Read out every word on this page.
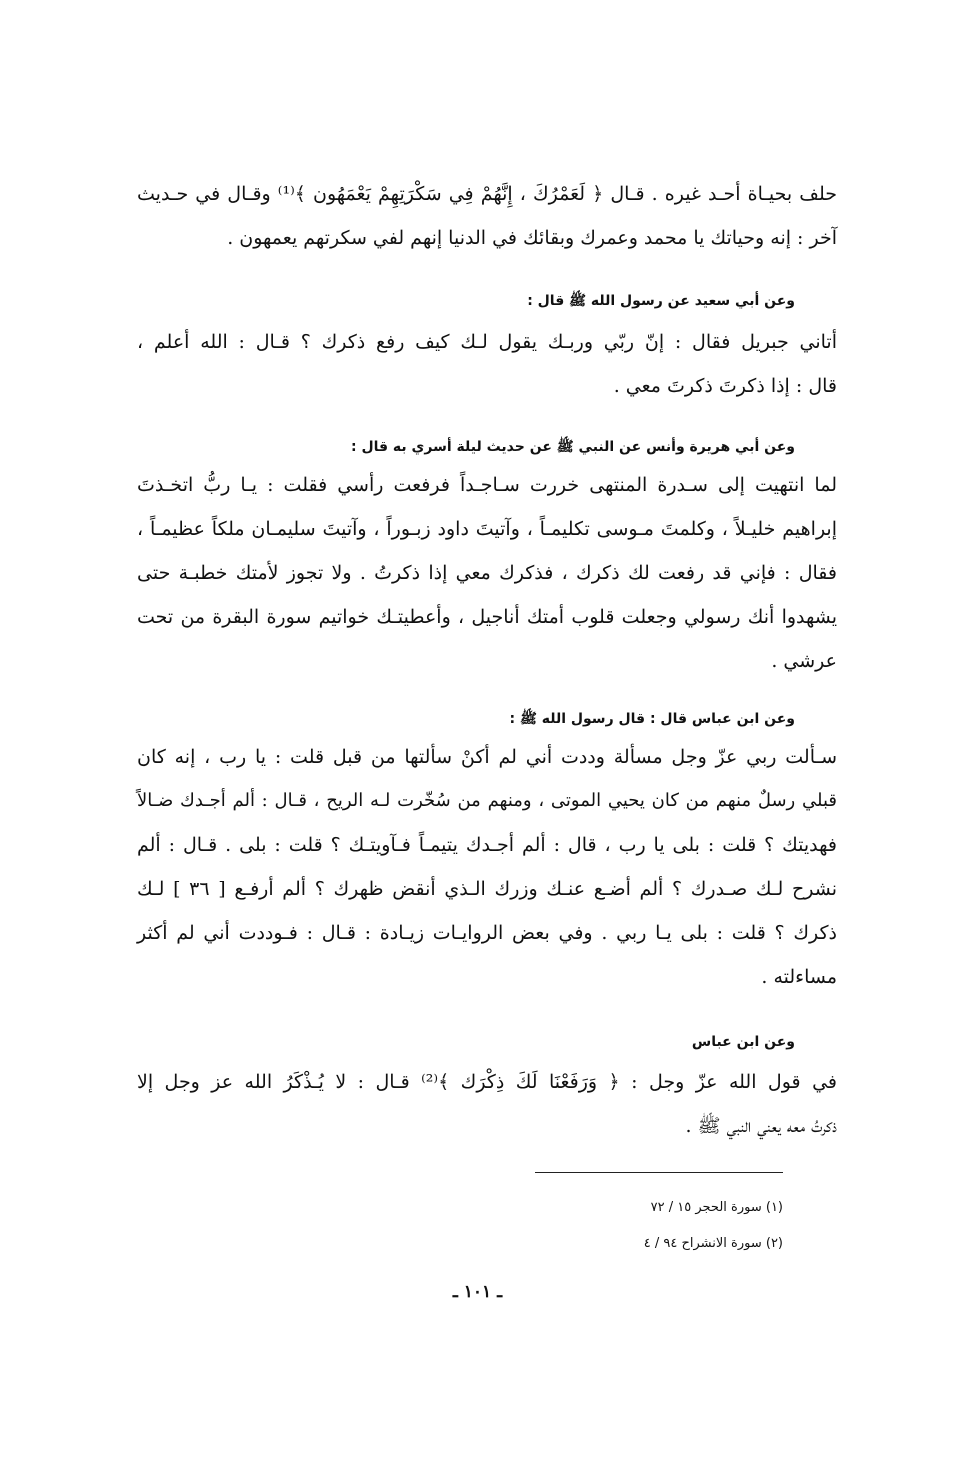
حلف بحيـاة أحـد غيره . قـال ﴿ لَعَمْرُكَ ، إِنَّهُمْ فِي سَكْرَتِهِمْ يَعْمَهُون ﴾⁽¹⁾ وقـال في حـديث
آخر : إنه وحياتك يا محمد وعمرك وبقائك في الدنيا إنهم لفي سكرتهم يعمهون .
وعن أبي سعيد عن رسول الله ﷺ قال :
أتاني جبريل فقال : إنّ ربّي وربـك يقول لـك كيف رفع ذكرك ؟ قـال : الله أعلم ،
قال : إذا ذكرتَ ذكرتَ معي .
وعن أبي هريرة وأنس عن النبي ﷺ عن حديث ليلة أسري به قال :
لما انتهيت إلى سـدرة المنتهى خررت سـاجـداً فرفعت رأسي فقلت : يـا ربُّ اتخـذتَ
إبراهيم خليـلاً ، وكلمتَ مـوسى تكليمـاً ، وآتيتَ داود زبـوراً ، وآتيتَ سليمـان ملكاً عظيمـاً ،
فقال : فإني قد رفعت لك ذكرك ، فذكرك معي إذا ذكرتُ . ولا تجوز لأمتك خطبـة حتى
يشهدوا أنك رسولي وجعلت قلوب أمتك أناجيل ، وأعطيتـك خواتيم سورة البقرة من تحت
عرشي .
وعن ابن عباس قال : قال رسول الله ﷺ :
سـألت ربي عزّ وجل مسألة وددت أني لم أكنْ سألتها من قبل قلت : يا رب ، إنه كان
قبلي رسلٌ منهم من كان يحيي الموتى ، ومنهم من سُخّرت لـه الريح ، قـال : ألم أجـدك ضـالاً
فهديتك ؟ قلت : بلى يا رب ، قال : ألم أجـدك يتيمـاً فـآويتـك ؟ قلت : بلى . قـال : ألم
نشرح لـك صـدرك ؟ ألم أضـع عنـك وزرك الـذي أنقض ظهرك ؟ ألم أرفـع [ ٣٦ ] لـك
ذكرك ؟ قلت : بلى يـا ربي . وفي بعض الروايـات زيـادة : قـال : فـوددت أني لم أكثر
مساءلته .
وعن ابن عباس
في قول الله عزّ وجل : ﴿ وَرَفَعْنَا لَكَ ذِكْرَك ﴾⁽²⁾ قـال : لا يُـذْكَرُ الله عز وجل إلا
ذكرتُ معه يعني النبي ﷺ .
(١) سورة الحجر ١٥ / ٧٢
(٢) سورة الانشراح ٩٤ / ٤
ـ ١٠١ ـ
